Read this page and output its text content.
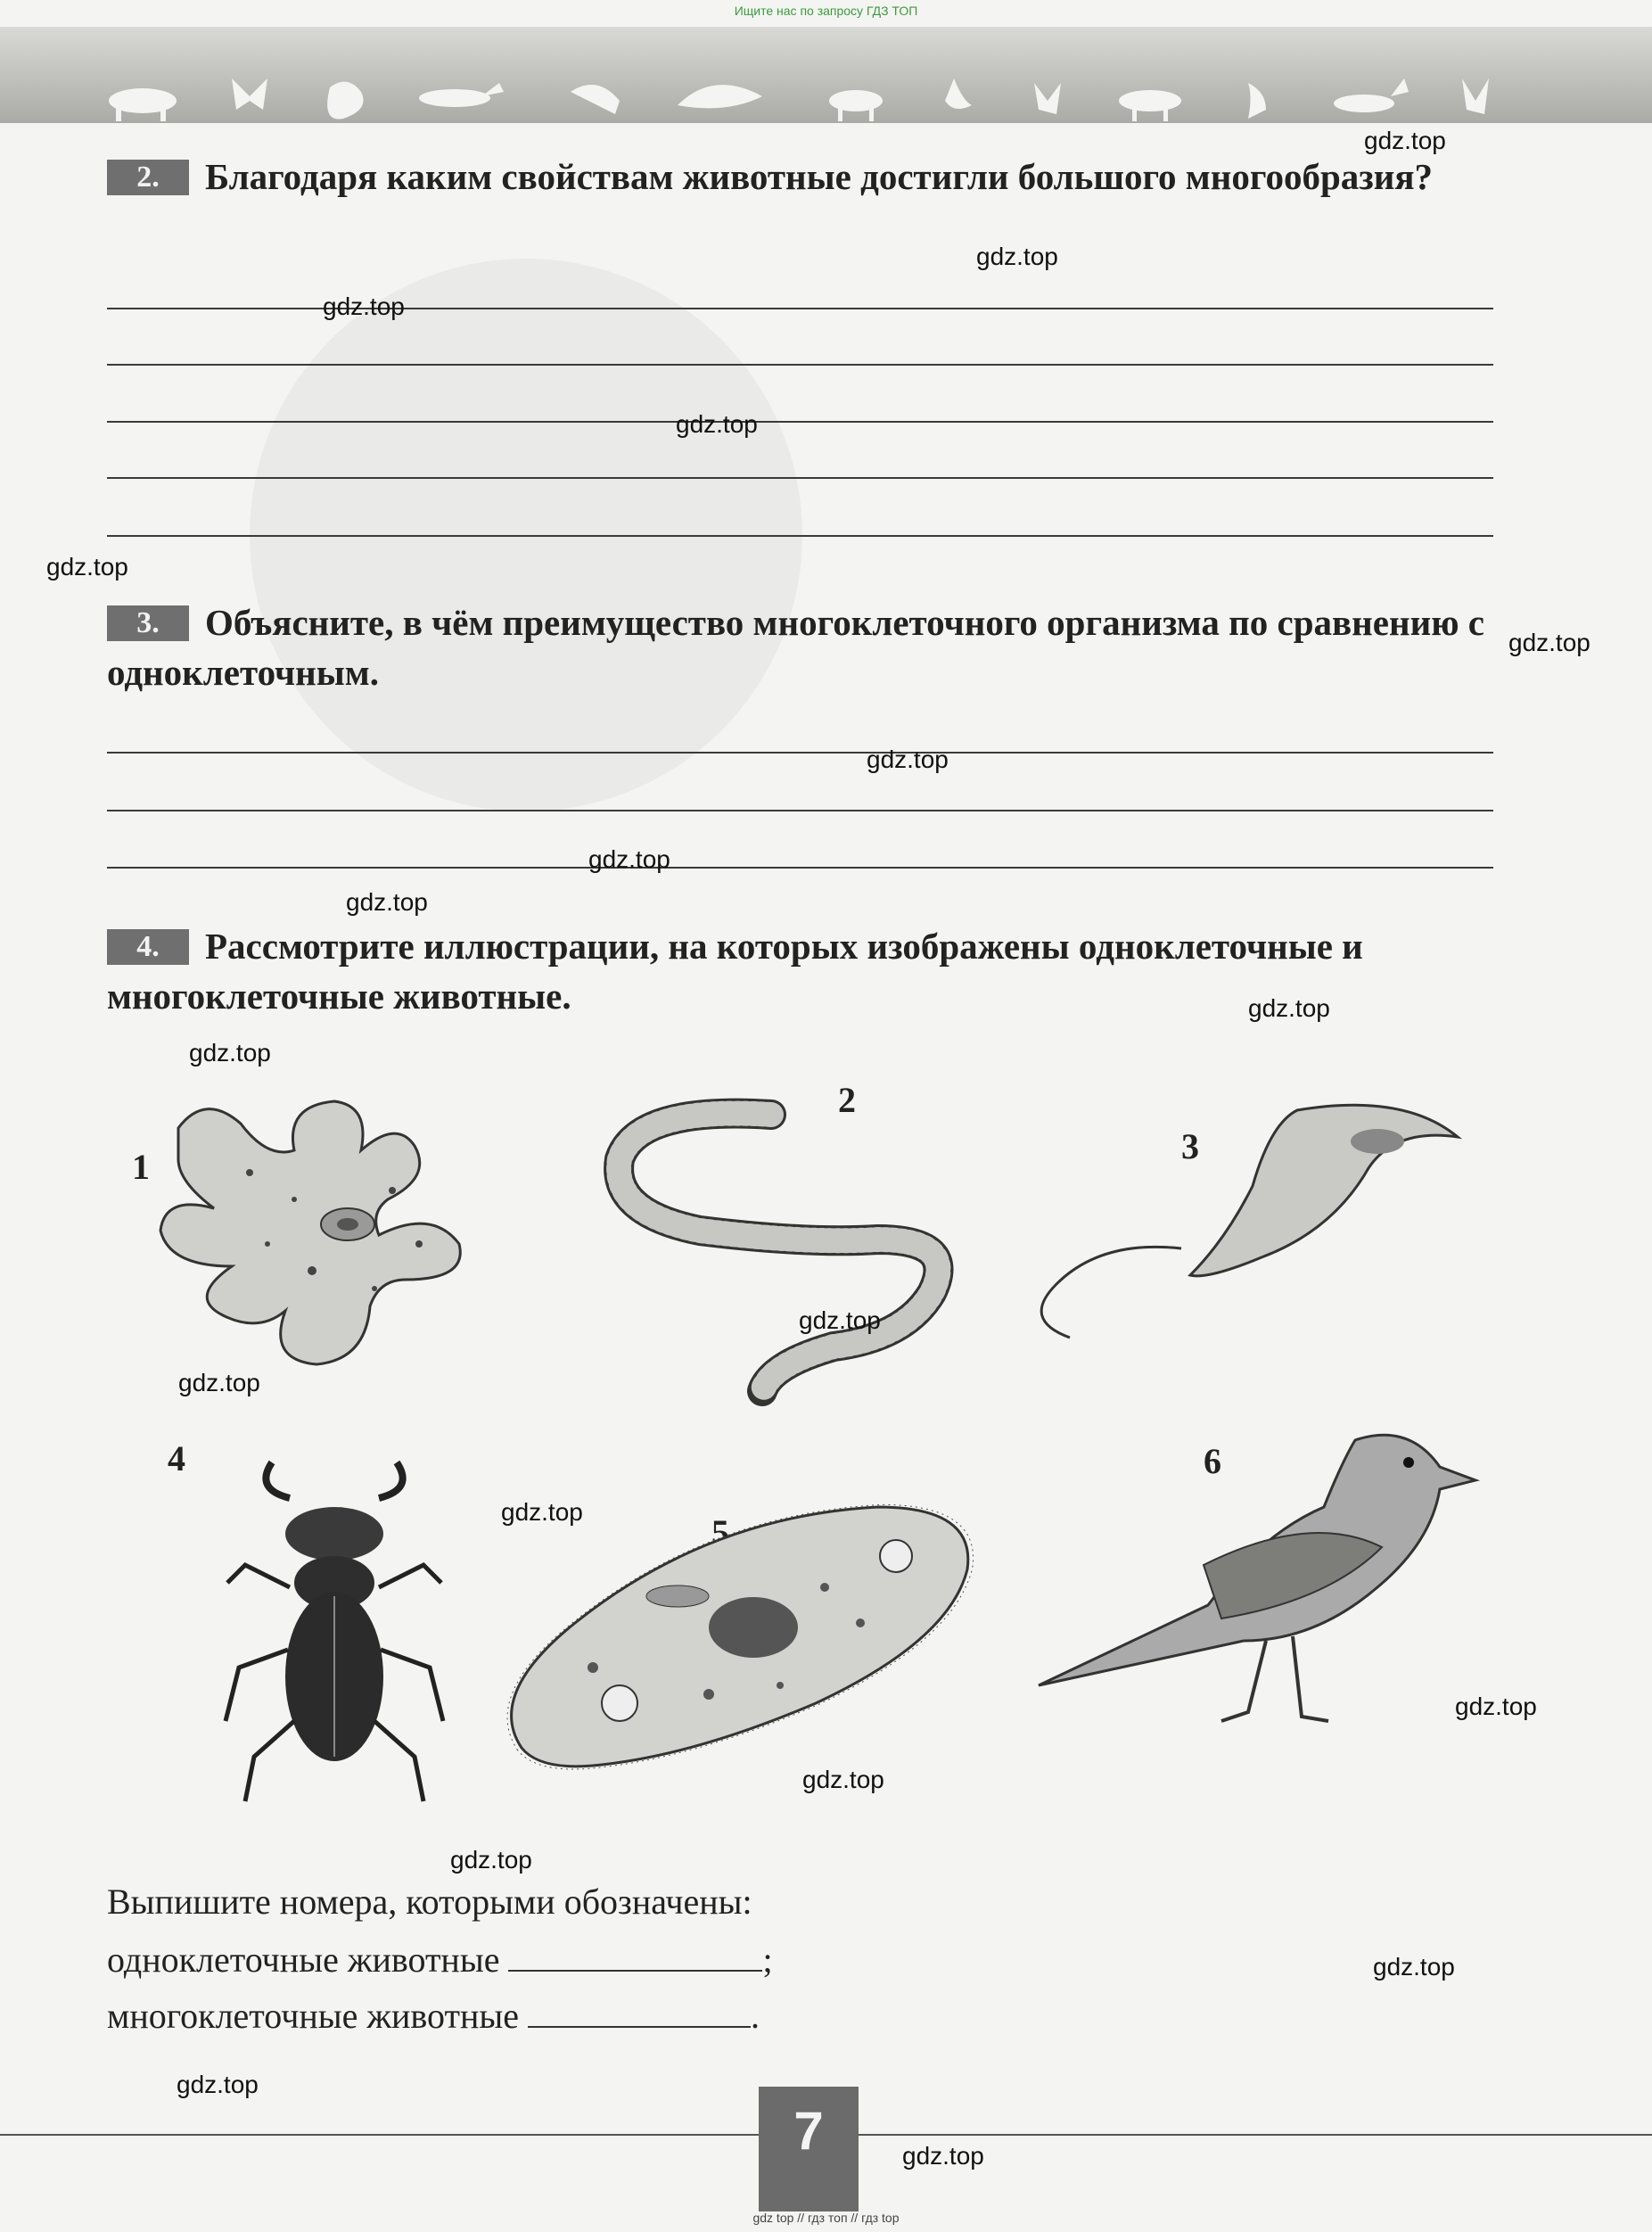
Ищите нас по запросу ГДЗ ТОП
2. Благодаря каким свойствам животные достигли большого многообразия?
3. Объясните, в чём преимущество многоклеточного организма по сравнению с одноклеточным.
4. Рассмотрите иллюстрации, на которых изображены одноклеточные и многоклеточные животные.
1
2
3
4
5
6
Выпишите номера, которыми обозначены:
одноклеточные животные	;
многоклеточные животные	.
7
gdz top // гдз топ // гдз top
gdz.top
gdz.top
gdz.top
gdz.top
gdz.top
gdz.top
gdz.top
gdz.top
gdz.top
gdz.top
gdz.top
gdz.top
gdz.top
gdz.top
gdz.top
gdz.top
gdz.top
gdz.top
gdz.top
gdz.top
